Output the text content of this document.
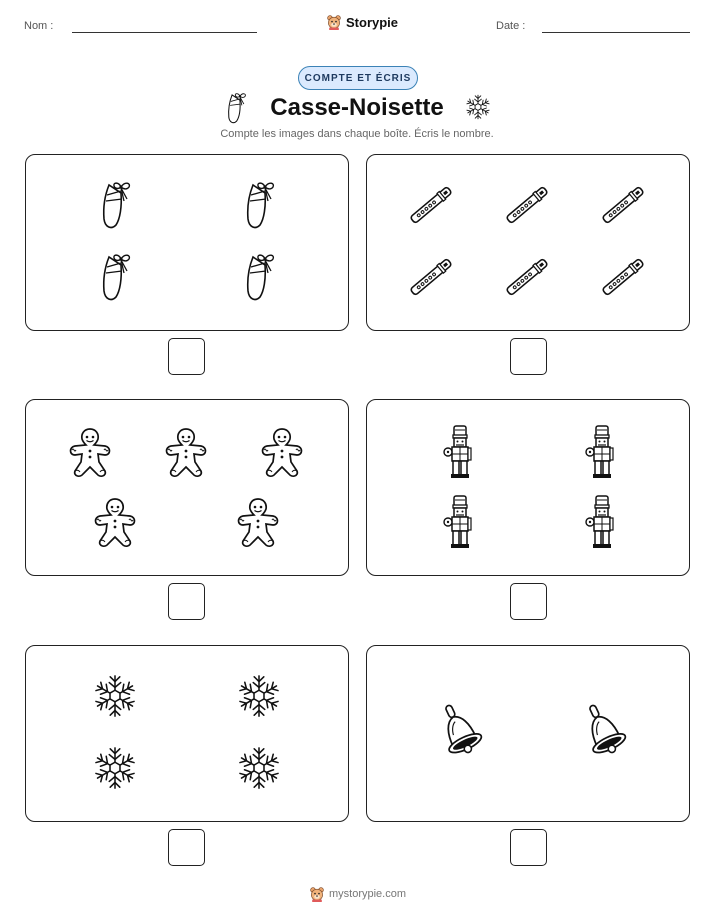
Nom :	Storypie	Date :
COMPTE ET ÉCRIS
Casse-Noisette
Compte les images dans chaque boîte. Écris le nombre.
mystorypie.com
